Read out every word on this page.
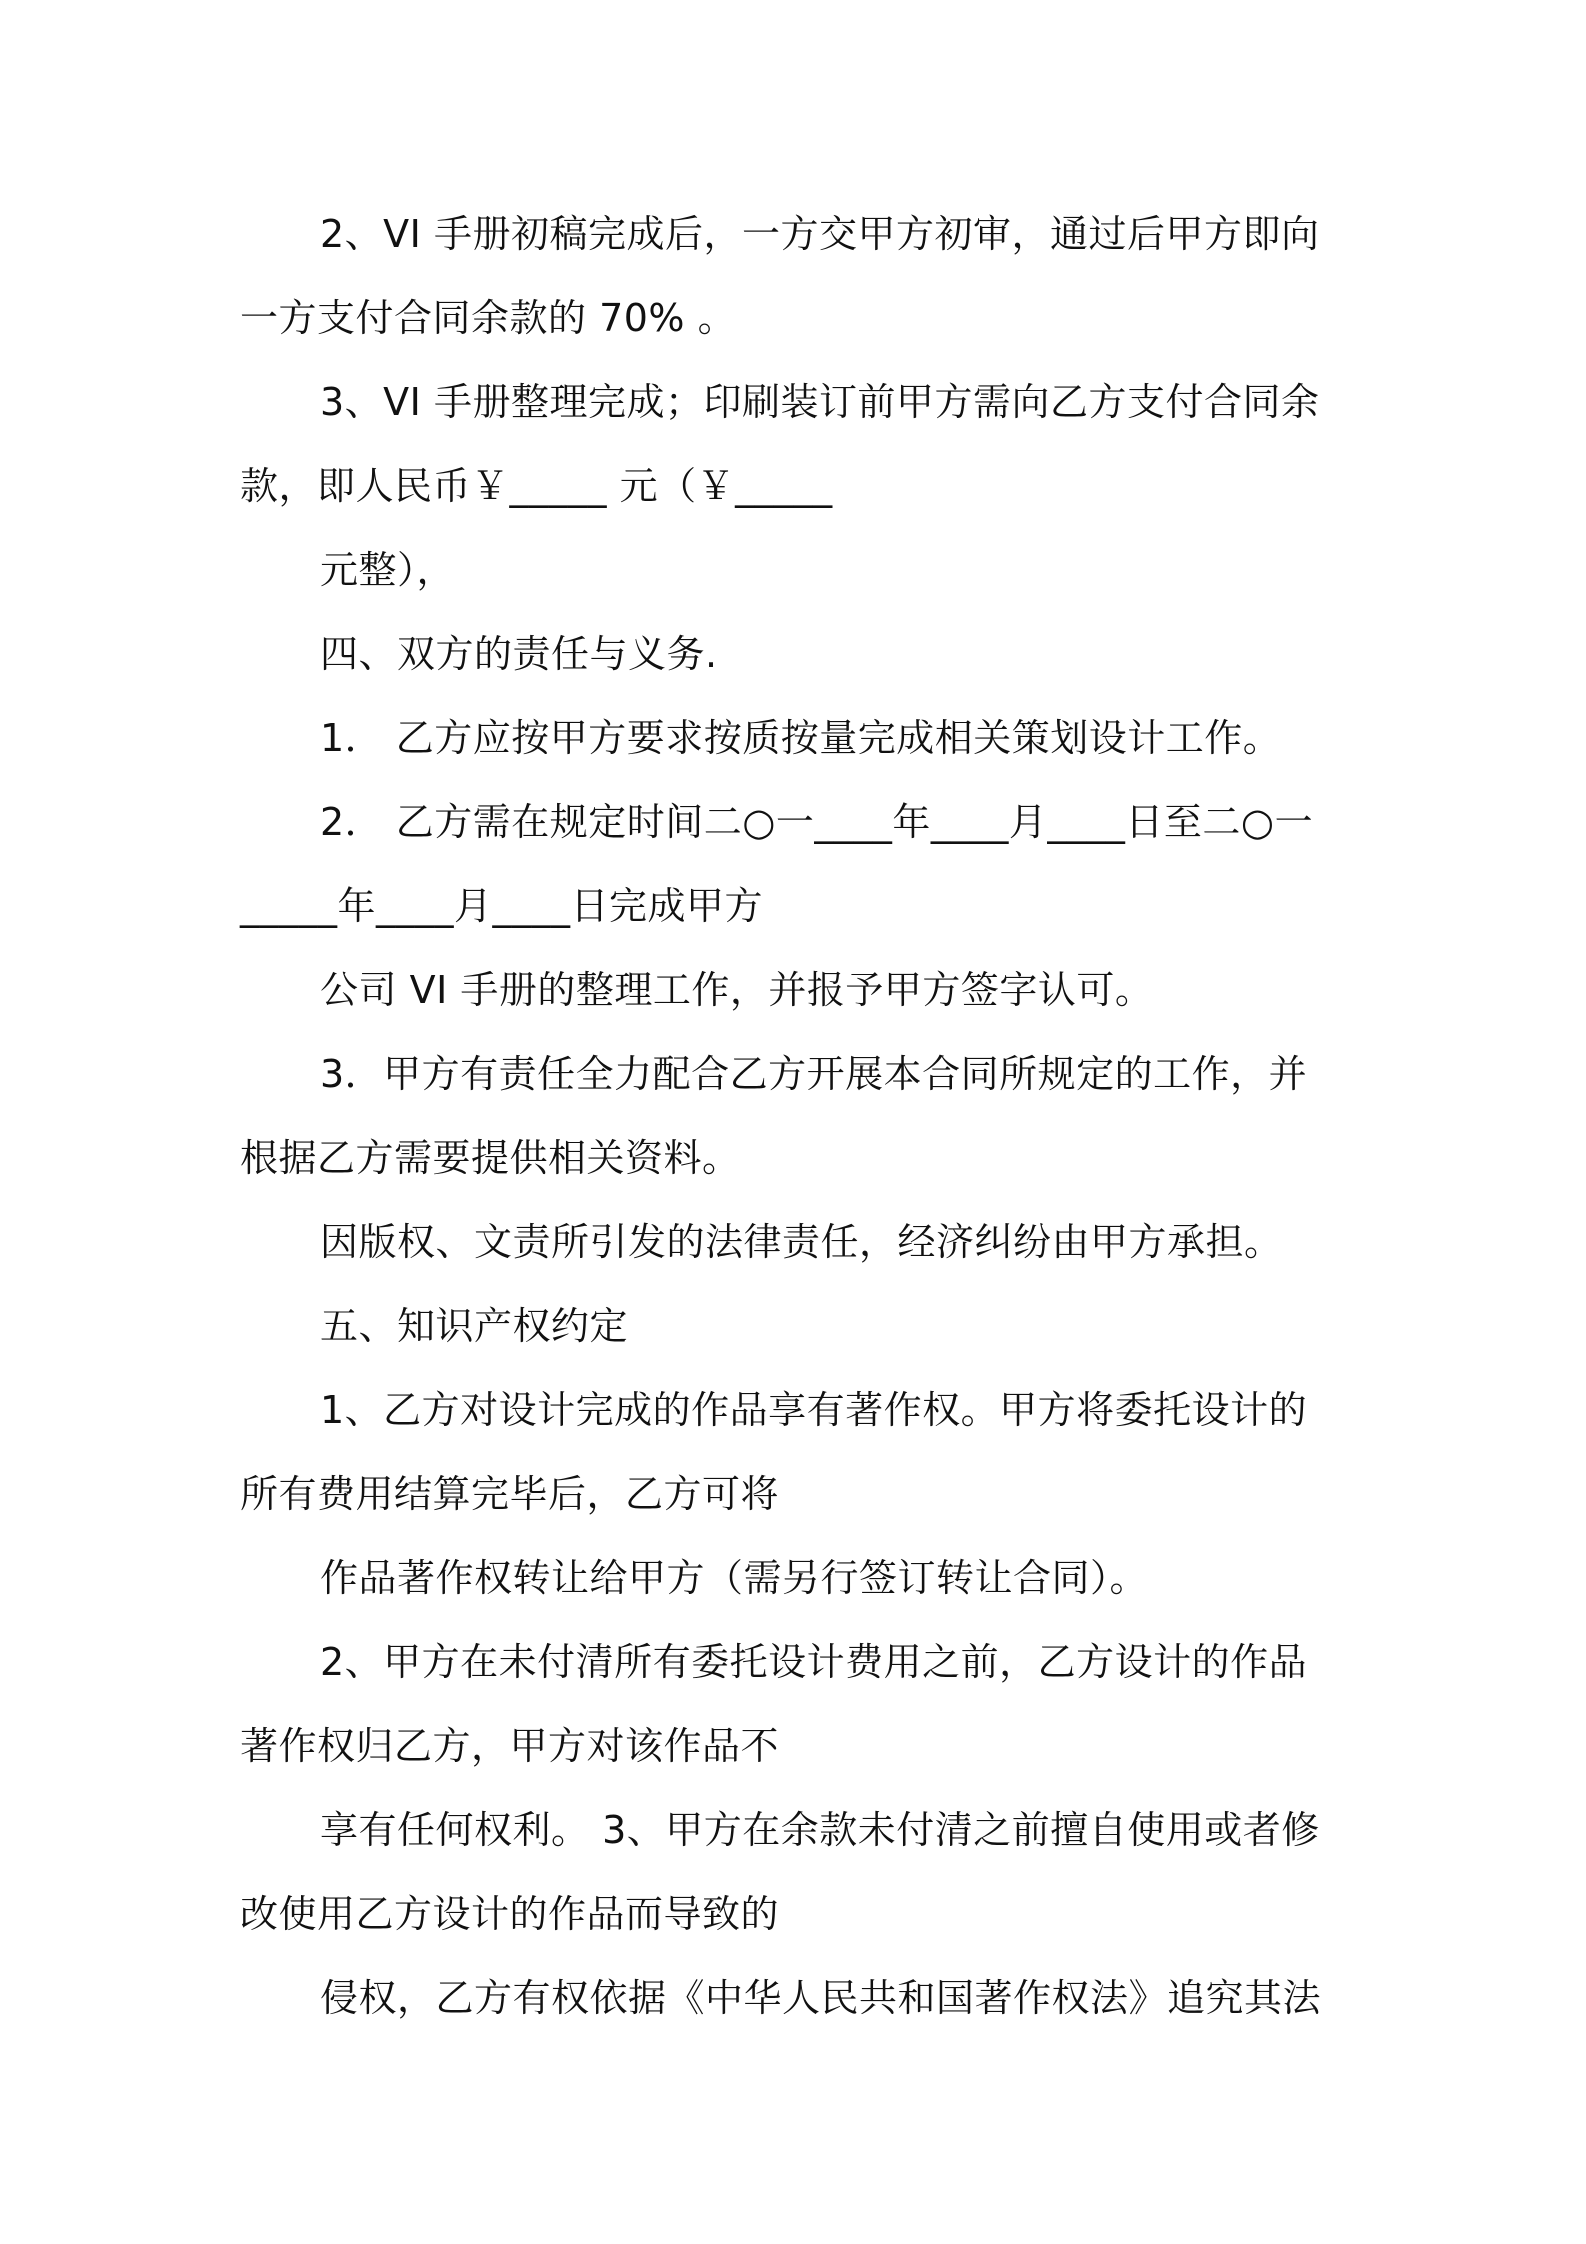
2、VI 手册初稿完成后，一方交甲方初审，通过后甲方即向
一方支付合同余款的 70% 。
3、VI 手册整理完成；印刷装订前甲方需向乙方支付合同余
款，即人民币￥_____ 元（￥_____
元整），
四、双方的责任与义务.
1． 乙方应按甲方要求按质按量完成相关策划设计工作。
2． 乙方需在规定时间二○一____年____月____日至二○一
_____年____月____日完成甲方
公司 VI 手册的整理工作，并报予甲方签字认可。
3．甲方有责任全力配合乙方开展本合同所规定的工作，并
根据乙方需要提供相关资料。
因版权、文责所引发的法律责任，经济纠纷由甲方承担。
五、知识产权约定
1、乙方对设计完成的作品享有著作权。甲方将委托设计的
所有费用结算完毕后，乙方可将
作品著作权转让给甲方（需另行签订转让合同）。
2、甲方在未付清所有委托设计费用之前，乙方设计的作品
著作权归乙方，甲方对该作品不
享有任何权利。 3、甲方在余款未付清之前擅自使用或者修
改使用乙方设计的作品而导致的
侵权，乙方有权依据《中华人民共和国著作权法》追究其法
